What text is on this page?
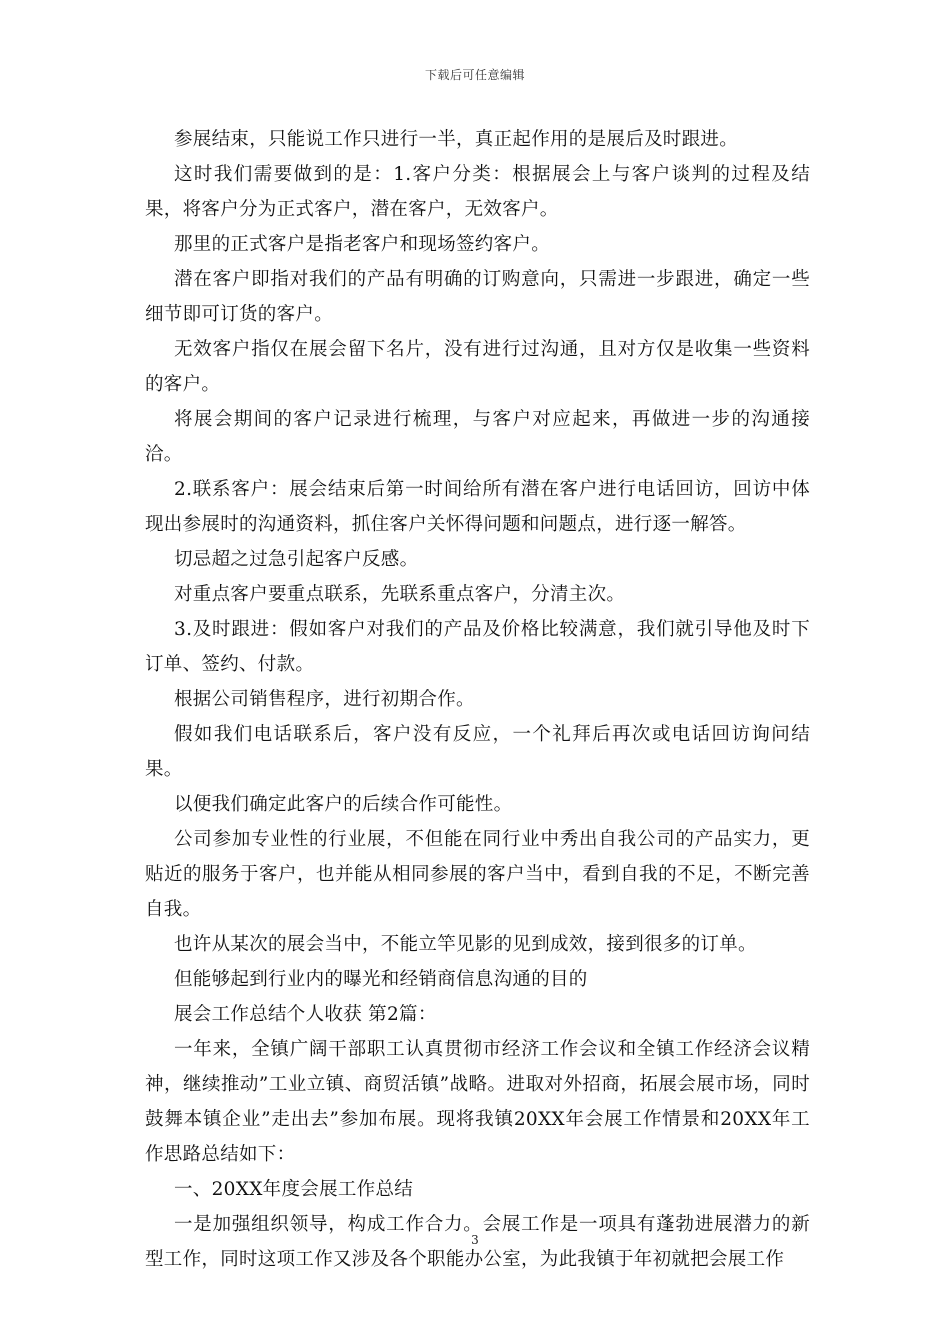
下载后可任意编辑

参展结束，只能说工作只进行一半，真正起作用的是展后及时跟进。

这时我们需要做到的是：1.客户分类：根据展会上与客户谈判的过程及结果，将客户分为正式客户，潜在客户，无效客户。

那里的正式客户是指老客户和现场签约客户。

潜在客户即指对我们的产品有明确的订购意向，只需进一步跟进，确定一些细节即可订货的客户。

无效客户指仅在展会留下名片，没有进行过沟通，且对方仅是收集一些资料的客户。

将展会期间的客户记录进行梳理，与客户对应起来，再做进一步的沟通接洽。

2.联系客户：展会结束后第一时间给所有潜在客户进行电话回访，回访中体现出参展时的沟通资料，抓住客户关怀得问题和问题点，进行逐一解答。

切忌超之过急引起客户反感。

对重点客户要重点联系，先联系重点客户，分清主次。

3.及时跟进：假如客户对我们的产品及价格比较满意，我们就引导他及时下订单、签约、付款。

根据公司销售程序，进行初期合作。

假如我们电话联系后，客户没有反应，一个礼拜后再次或电话回访询问结果。

以便我们确定此客户的后续合作可能性。

公司参加专业性的行业展，不但能在同行业中秀出自我公司的产品实力，更贴近的服务于客户，也并能从相同参展的客户当中，看到自我的不足，不断完善自我。

也许从某次的展会当中，不能立竿见影的见到成效，接到很多的订单。

但能够起到行业内的曝光和经销商信息沟通的目的

展会工作总结个人收获 第2篇：

一年来，全镇广阔干部职工认真贯彻市经济工作会议和全镇工作经济会议精神，继续推动”工业立镇、商贸活镇”战略。进取对外招商，拓展会展市场，同时鼓舞本镇企业”走出去”参加布展。现将我镇20XX年会展工作情景和20XX年工作思路总结如下：

一、20XX年度会展工作总结

一是加强组织领导，构成工作合力。会展工作是一项具有蓬勃进展潜力的新型工作，同时这项工作又涉及各个职能办公室，为此我镇于年初就把会展工作

3
